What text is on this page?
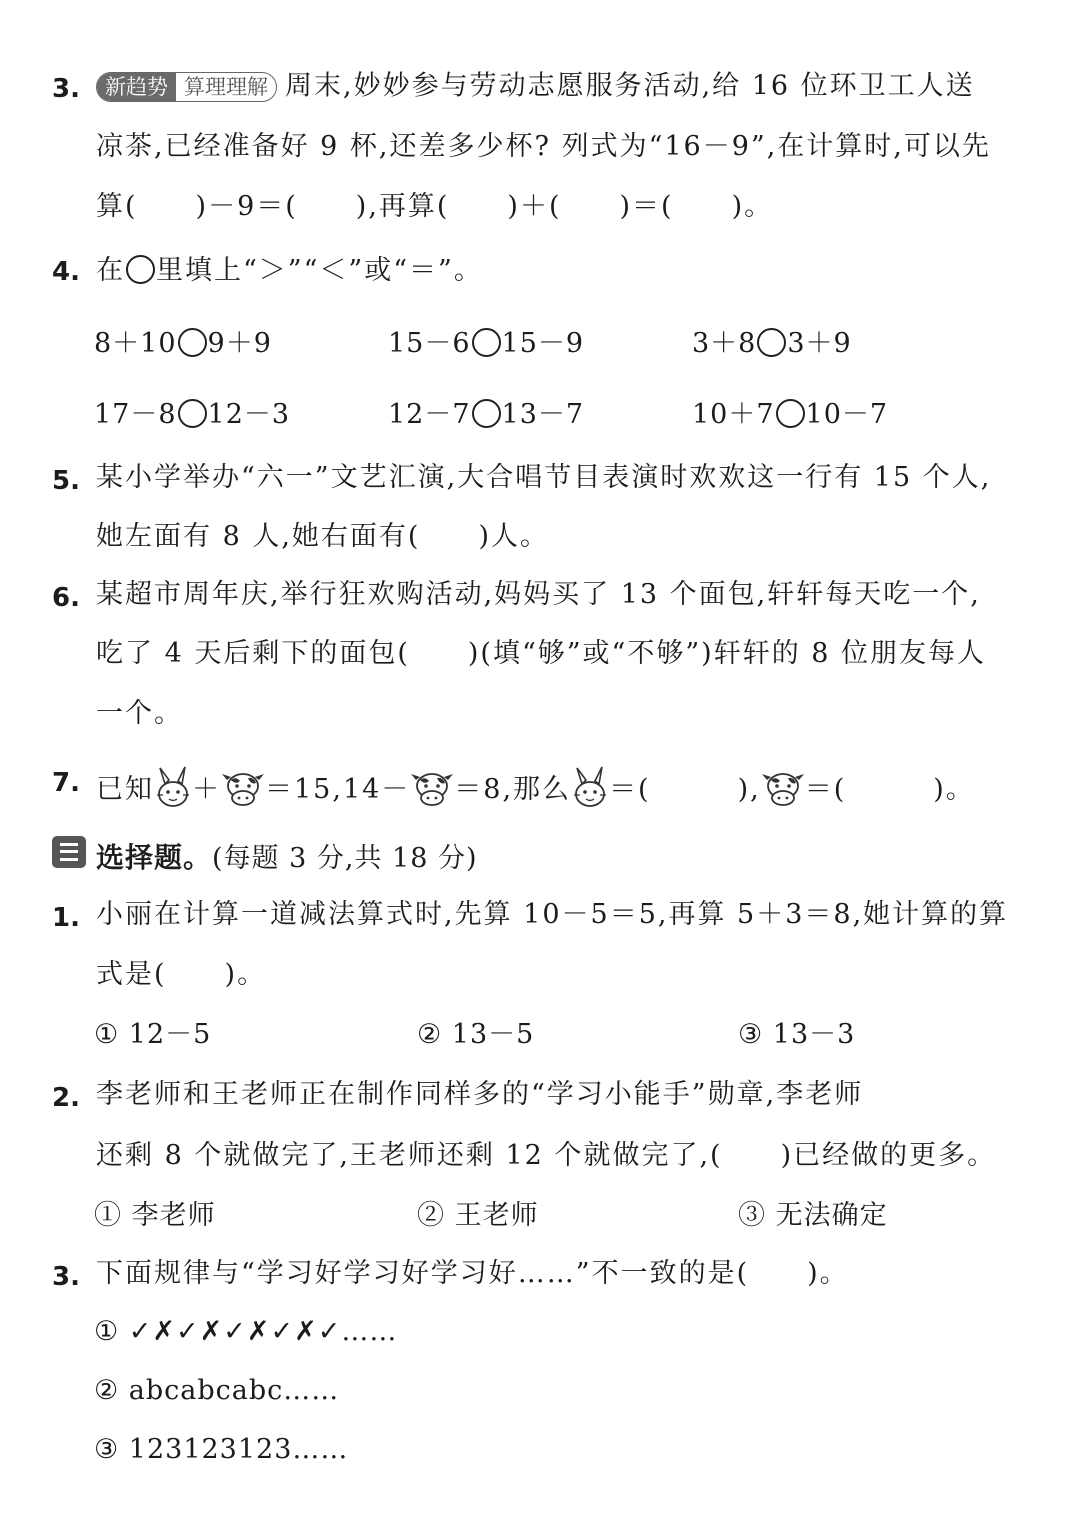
3.	新趋势 算理理解 周末,妙妙参与劳动志愿服务活动,给 16 位环卫工人送
凉茶,已经准备好 9 杯,还差多少杯? 列式为“16－9”,在计算时,可以先
算(　　)－9＝(　　),再算(　　)＋(　　)＝(　　)。
4. 在 里填上“＞”“＜”或“＝”。
8＋10 9＋9	15－6 15－9	3＋8 3＋9
17－8 12－3	12－7 13－7	10＋7 10－7
5. 某小学举办“六一”文艺汇演,大合唱节目表演时欢欢这一行有 15 个人,
她左面有 8 人,她右面有(　　)人。
6. 某超市周年庆,举行狂欢购活动,妈妈买了 13 个面包,轩轩每天吃一个,
吃了 4 天后剩下的面包(　　)(填“够”或“不够”)轩轩的 8 位朋友每人
一个。
7. 已知 ＋ ＝15,14－ ＝8,那么 ＝(　　　), ＝(　　　)。
选择题。(每题 3 分,共 18 分)
1. 小丽在计算一道减法算式时,先算 10－5＝5,再算 5＋3＝8,她计算的算
式是(　　)。
① 12－5	② 13－5	③ 13－3
2. 李老师和王老师正在制作同样多的“学习小能手”勋章,李老师
还剩 8 个就做完了,王老师还剩 12 个就做完了,(　　)已经做的更多。
① 李老师	② 王老师	③ 无法确定
3. 下面规律与“学习好学习好学习好……”不一致的是(　　)。
① ✓✗✓✗✓✗✓✗✓……
② abcabcabc……
③ 123123123……
